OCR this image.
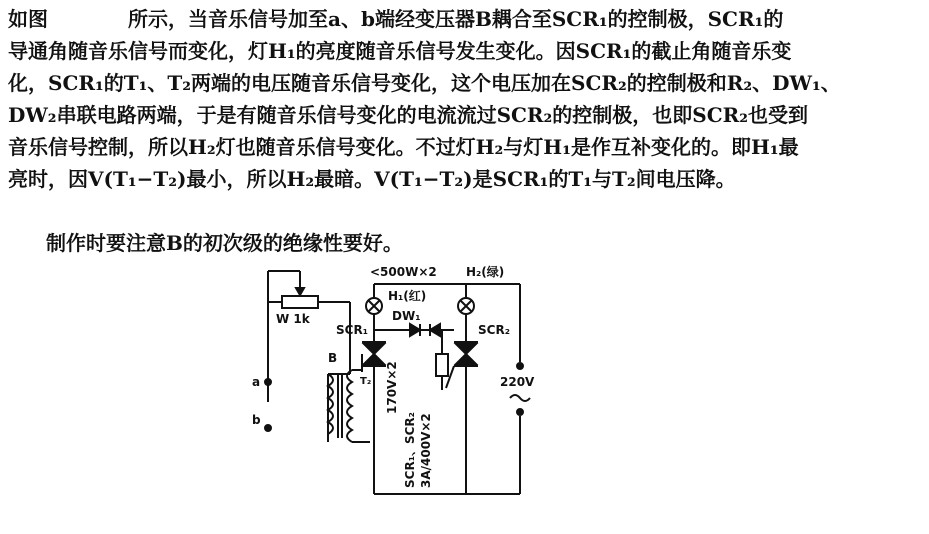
如图　　　　所示，当音乐信号加至a、b端经变压器B耦合至SCR₁的控制极，SCR₁的
导通角随音乐信号而变化，灯H₁的亮度随音乐信号发生变化。因SCR₁的截止角随音乐变
化，SCR₁的T₁、T₂两端的电压随音乐信号变化，这个电压加在SCR₂的控制极和R₂、DW₁、
DW₂串联电路两端，于是有随音乐信号变化的电流流过SCR₂的控制极，也即SCR₂也受到
音乐信号控制，所以H₂灯也随音乐信号变化。不过灯H₂与灯H₁是作互补变化的。即H₁最
亮时，因V(T₁−T₂)最小，所以H₂最暗。V(T₁−T₂)是SCR₁的T₁与T₂间电压降。
制作时要注意B的初次级的绝缘性要好。
W 1k
a
b
B
<500W×2 H₂(绿)
H₁(红)
DW₁
SCR₁
T₂
SCR₂
220V
170V×2
SCR₁、SCR₂ 3A/400V×2
